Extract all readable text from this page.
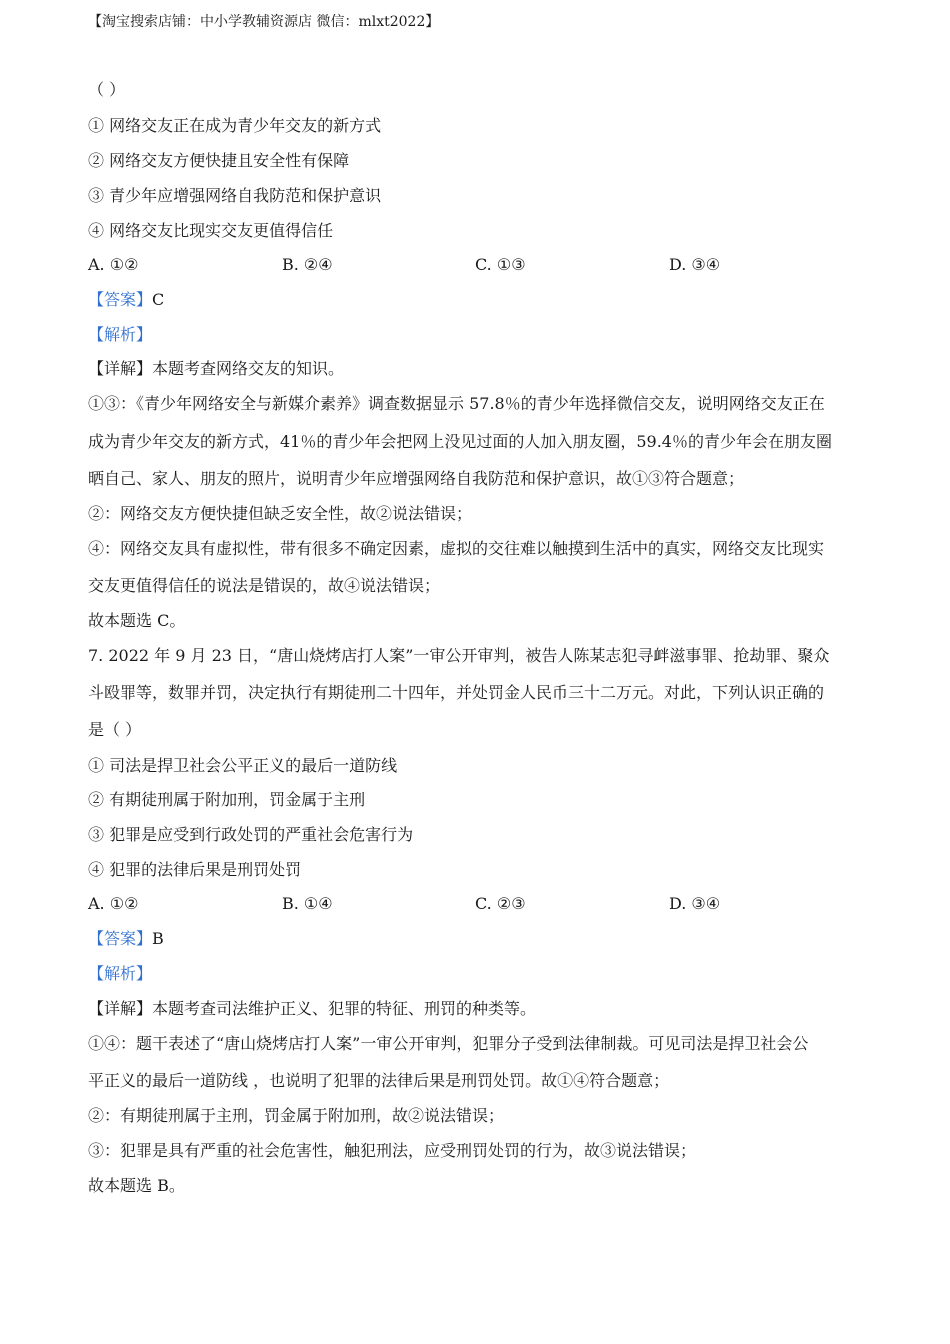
【淘宝搜索店铺：中小学教辅资源店 微信：mlxt2022】
（ ）
① 网络交友正在成为青少年交友的新方式
② 网络交友方便快捷且安全性有保障
③ 青少年应增强网络自我防范和保护意识
④ 网络交友比现实交友更值得信任
A. ①②	B. ②④	C. ①③	D. ③④
【答案】C
【解析】
【详解】本题考查网络交友的知识。
①③：《青少年网络安全与新媒介素养》调查数据显示 57.8％的青少年选择微信交友，说明网络交友正在
成为青少年交友的新方式，41％的青少年会把网上没见过面的人加入朋友圈，59.4％的青少年会在朋友圈
晒自己、家人、朋友的照片，说明青少年应增强网络自我防范和保护意识，故①③符合题意；
②：网络交友方便快捷但缺乏安全性，故②说法错误；
④：网络交友具有虚拟性，带有很多不确定因素，虚拟的交往难以触摸到生活中的真实，网络交友比现实
交友更值得信任的说法是错误的，故④说法错误；
故本题选 C。
7. 2022 年 9 月 23 日，“唐山烧烤店打人案”一审公开审判，被告人陈某志犯寻衅滋事罪、抢劫罪、聚众
斗殴罪等，数罪并罚，决定执行有期徒刑二十四年，并处罚金人民币三十二万元。对此，下列认识正确的
是（ ）
① 司法是捍卫社会公平正义的最后一道防线
② 有期徒刑属于附加刑，罚金属于主刑
③ 犯罪是应受到行政处罚的严重社会危害行为
④ 犯罪的法律后果是刑罚处罚
A. ①②	B. ①④	C. ②③	D. ③④
【答案】B
【解析】
【详解】本题考查司法维护正义、犯罪的特征、刑罚的种类等。
①④：题干表述了“唐山烧烤店打人案”一审公开审判，犯罪分子受到法律制裁。可见司法是捍卫社会公
平正义的最后一道防线 ，也说明了犯罪的法律后果是刑罚处罚。故①④符合题意；
②：有期徒刑属于主刑，罚金属于附加刑，故②说法错误；
③：犯罪是具有严重的社会危害性，触犯刑法，应受刑罚处罚的行为，故③说法错误；
故本题选 B。
